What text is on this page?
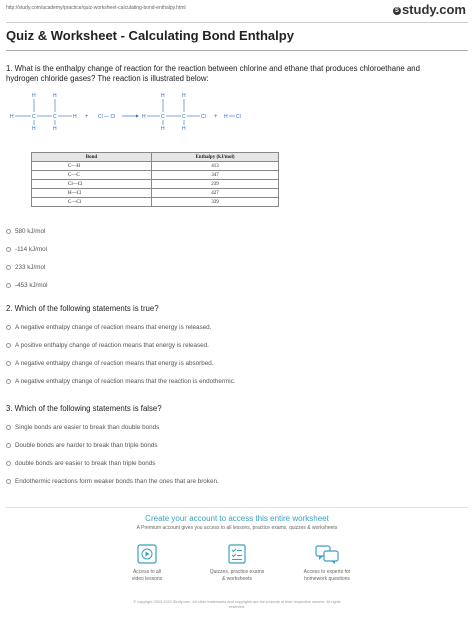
http://study.com/academy/practice/quiz-worksheet-calculating-bond-enthalpy.html	S study.com
Quiz & Worksheet - Calculating Bond Enthalpy
1. What is the enthalpy change of reaction for the reaction between chlorine and ethane that produces chloroethane and hydrogen chloride gases? The reaction is illustrated below:
H	C
H
H
C
H
H
H + Cl — Cl	H	C
H
H
C
H
H
Cl + H Cl
Bond	Enthalpy (kJ/mol)
C—H	413
C—C	347
Cl—Cl	239
H—Cl	427
C—Cl	339
580 kJ/mol
-114 kJ/mol
233 kJ/mol
-453 kJ/mol
2. Which of the following statements is true?
A negative enthalpy change of reaction means that energy is released.
A positive enthalpy change of reaction means that energy is released.
A negative enthalpy change of reaction means that energy is absorbed.
A negative enthalpy change of reaction means that the reaction is endothermic.
3. Which of the following statements is false?
Single bonds are easier to break than double bonds
Double bonds are harder to break than triple bonds
double bonds are easier to break than triple bonds
Endothermic reactions form weaker bonds than the ones that are broken.
Create your account to access this entire worksheet
A Premium account gives you access to all lessons, practice exams, quizzes & worksheets
Access to all
video lessons
Quizzes, practice exams
& worksheets
Access to experts for
homework questions
© copyright 2003-2020 Study.com. All other trademarks and copyrights are the property of their respective owners. All rights
reserved.
